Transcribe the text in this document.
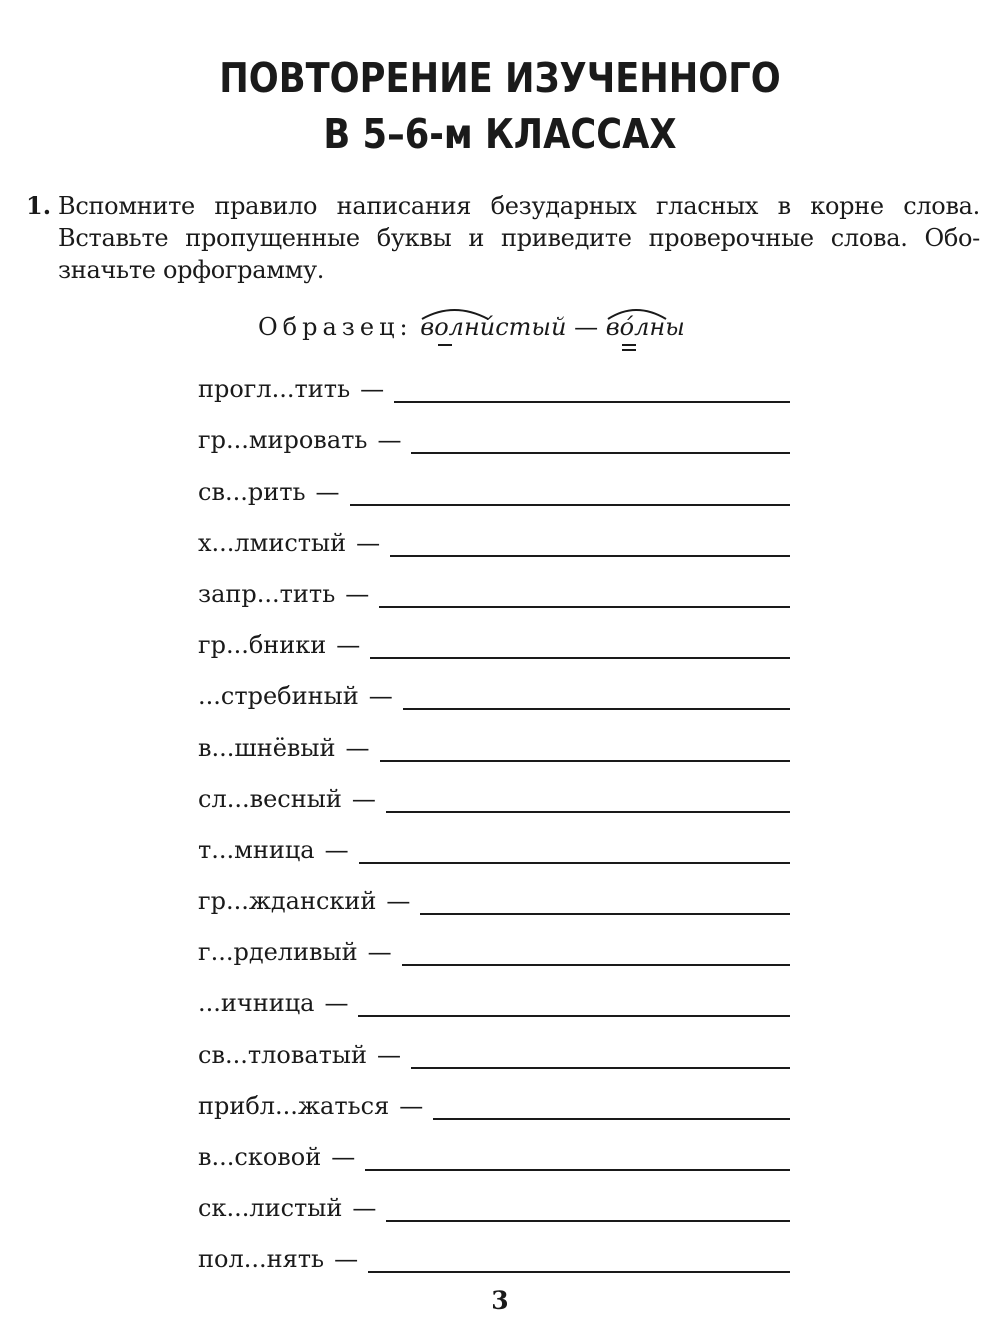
ПОВТОРЕНИЕ ИЗУЧЕННОГО
В 5–6-м КЛАССАХ
1. Вспомните правило написания безударных гласных в корне слова.
Вставьте пропущенные буквы и приведите проверочные слова. Обо-
значьте орфограмму.
Образец: волни́стый — во́лны
прогл...тить —
гр...мировать —
св...рить —
х...лмистый —
запр...тить —
гр...бники —
...стребиный —
в...шнёвый —
сл...весный —
т...мница —
гр...жданский —
г...рделивый —
...ичница —
св...тловатый —
прибл...жаться —
в...сковой —
ск...листый —
пол...нять —
3
